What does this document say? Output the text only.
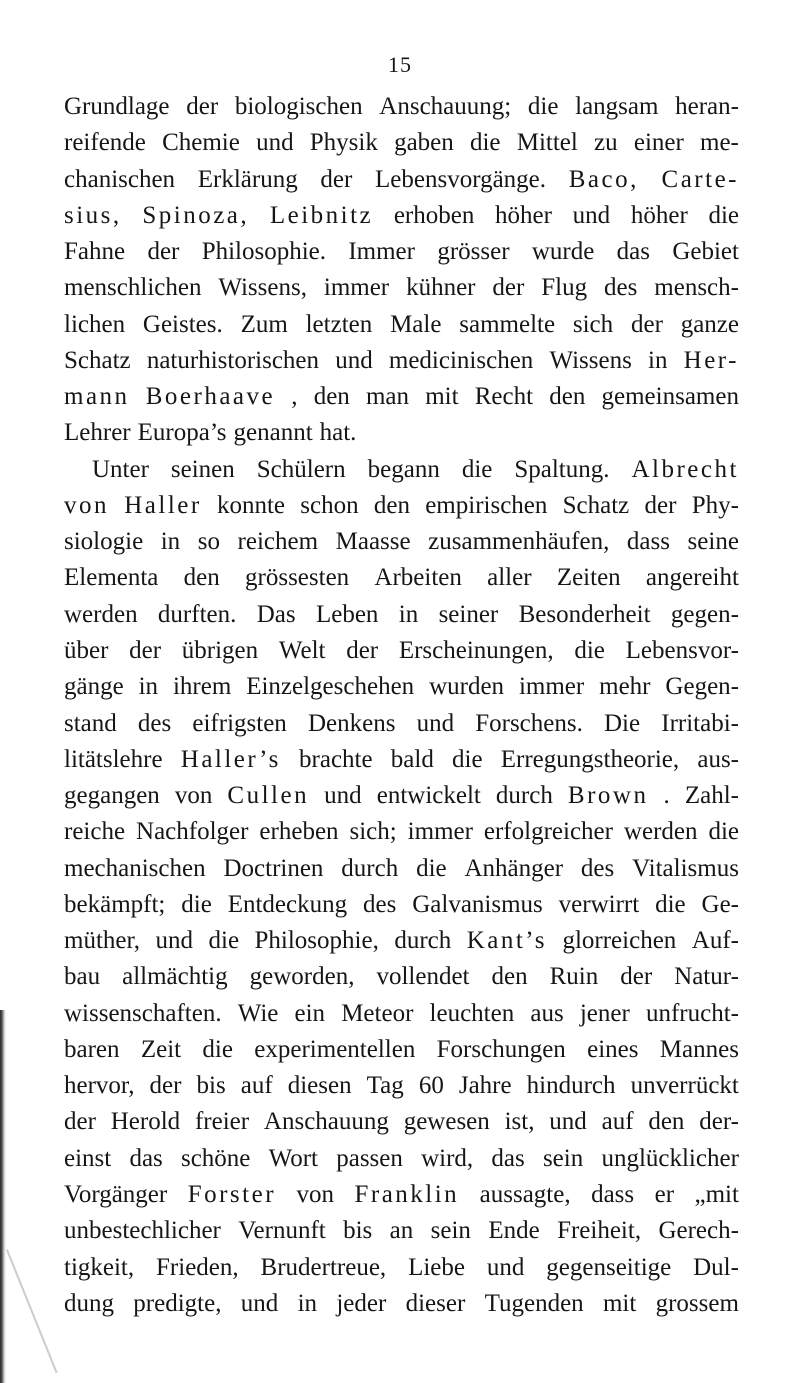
15
Grundlage der biologischen Anschauung; die langsam heran-
reifende Chemie und Physik gaben die Mittel zu einer me-
chanischen Erklärung der Lebensvorgänge. Baco, Carte-
sius, Spinoza, Leibnitz erhoben höher und höher die
Fahne der Philosophie. Immer grösser wurde das Gebiet
menschlichen Wissens, immer kühner der Flug des mensch-
lichen Geistes. Zum letzten Male sammelte sich der ganze
Schatz naturhistorischen und medicinischen Wissens in Her-
mann Boerhaave , den man mit Recht den gemeinsamen
Lehrer Europa’s genannt hat.
Unter seinen Schülern begann die Spaltung. Albrecht
von Haller konnte schon den empirischen Schatz der Phy-
siologie in so reichem Maasse zusammenhäufen, dass seine
Elementa den grössesten Arbeiten aller Zeiten angereiht
werden durften. Das Leben in seiner Besonderheit gegen-
über der übrigen Welt der Erscheinungen, die Lebensvor-
gänge in ihrem Einzelgeschehen wurden immer mehr Gegen-
stand des eifrigsten Denkens und Forschens. Die Irritabi-
litätslehre Haller’s brachte bald die Erregungstheorie, aus-
gegangen von Cullen und entwickelt durch Brown . Zahl-
reiche Nachfolger erheben sich; immer erfolgreicher werden die
mechanischen Doctrinen durch die Anhänger des Vitalismus
bekämpft; die Entdeckung des Galvanismus verwirrt die Ge-
müther, und die Philosophie, durch Kant’s glorreichen Auf-
bau allmächtig geworden, vollendet den Ruin der Natur-
wissenschaften. Wie ein Meteor leuchten aus jener unfrucht-
baren Zeit die experimentellen Forschungen eines Mannes
hervor, der bis auf diesen Tag 60 Jahre hindurch unverrückt
der Herold freier Anschauung gewesen ist, und auf den der-
einst das schöne Wort passen wird, das sein unglücklicher
Vorgänger Forster von Franklin aussagte, dass er „mit
unbestechlicher Vernunft bis an sein Ende Freiheit, Gerech-
tigkeit, Frieden, Brudertreue, Liebe und gegenseitige Dul-
dung predigte, und in jeder dieser Tugenden mit grossem
